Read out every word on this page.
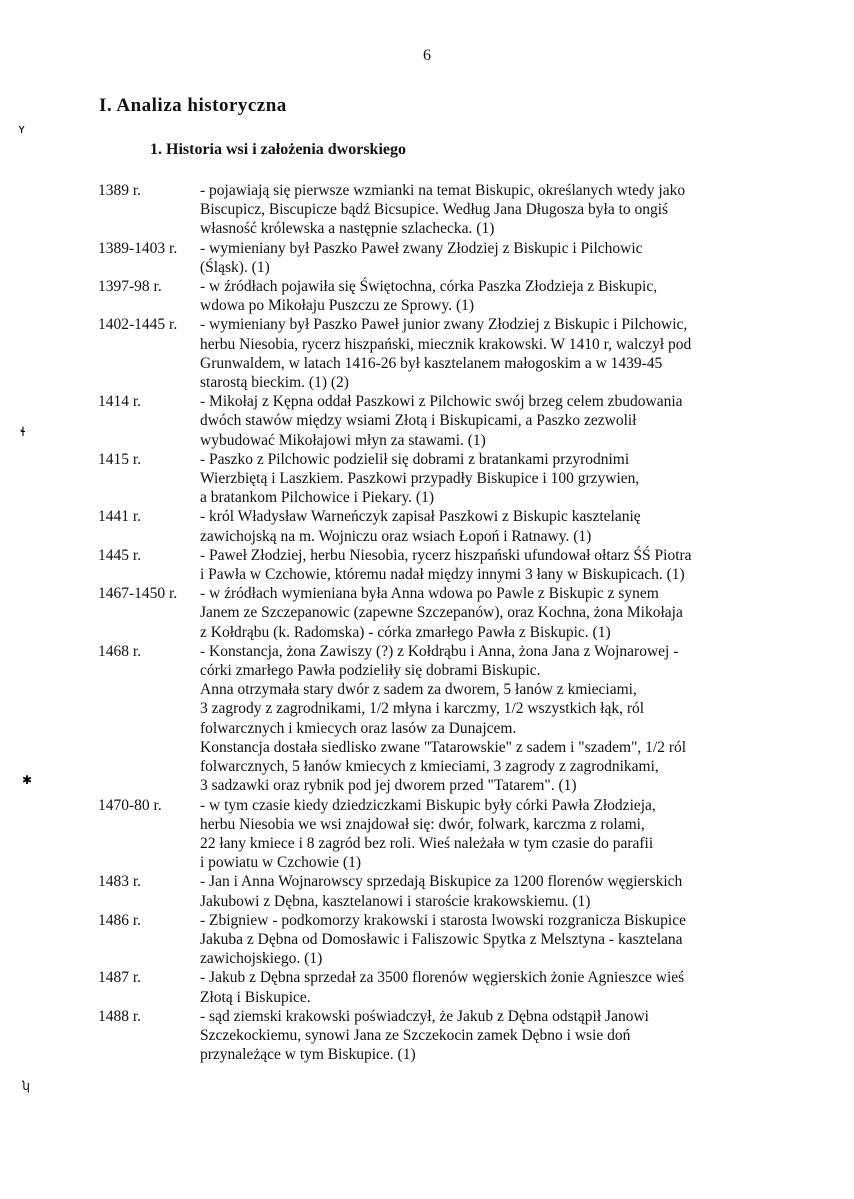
6
I. Analiza historyczna
1. Historia wsi i założenia dworskiego
ʏ
ɬ
✱
ʮ
1389 r.	- pojawiają się pierwsze wzmianki na temat Biskupic, określanych wtedy jako
Biscupicz, Biscupicze bądź Bicsupice. Według Jana Długosza była to ongiś
własność królewska a następnie szlachecka. (1)
1389-1403 r.	- wymieniany był Paszko Paweł zwany Złodziej z Biskupic i Pilchowic
(Śląsk). (1)
1397-98 r.	- w źródłach pojawiła się Świętochna, córka Paszka Złodzieja z Biskupic,
wdowa po Mikołaju Puszczu ze Sprowy. (1)
1402-1445 r.	- wymieniany był Paszko Paweł junior zwany Złodziej z Biskupic i Pilchowic,
herbu Niesobia, rycerz hiszpański, miecznik krakowski. W 1410 r, walczył pod
Grunwaldem, w latach 1416-26 był kasztelanem małogoskim a w 1439-45
starostą bieckim. (1) (2)
1414 r.	- Mikołaj z Kępna oddał Paszkowi z Pilchowic swój brzeg celem zbudowania
dwóch stawów między wsiami Złotą i Biskupicami, a Paszko zezwolił
wybudować Mikołajowi młyn za stawami. (1)
1415 r.	- Paszko z Pilchowic podzielił się dobrami z bratankami przyrodnimi
Wierzbiętą i Laszkiem. Paszkowi przypadły Biskupice i 100 grzywien,
a bratankom Pilchowice i Piekary. (1)
1441 r.	- król Władysław Warneńczyk zapisał Paszkowi z Biskupic kasztelanię
zawichojską na m. Wojniczu oraz wsiach Łopoń i Ratnawy. (1)
1445 r.	- Paweł Złodziej, herbu Niesobia, rycerz hiszpański ufundował ołtarz ŚŚ Piotra
i Pawła w Czchowie, któremu nadał między innymi 3 łany w Biskupicach. (1)
1467-1450 r.	- w źródłach wymieniana była Anna wdowa po Pawle z Biskupic z synem
Janem ze Szczepanowic (zapewne Szczepanów), oraz Kochna, żona Mikołaja
z Kołdrąbu (k. Radomska) - córka zmarłego Pawła z Biskupic. (1)
1468 r.	- Konstancja, żona Zawiszy (?) z Kołdrąbu i Anna, żona Jana z Wojnarowej -
córki zmarłego Pawła podzieliły się dobrami Biskupic.
Anna otrzymała stary dwór z sadem za dworem, 5 łanów z kmieciami,
3 zagrody z zagrodnikami, 1/2 młyna i karczmy, 1/2 wszystkich łąk, ról
folwarcznych i kmiecych oraz lasów za Dunajcem.
Konstancja dostała siedlisko zwane "Tatarowskie" z sadem i "szadem", 1/2 ról
folwarcznych, 5 łanów kmiecych z kmieciami, 3 zagrody z zagrodnikami,
3 sadzawki oraz rybnik pod jej dworem przed "Tatarem". (1)
1470-80 r.	- w tym czasie kiedy dziedziczkami Biskupic były córki Pawła Złodzieja,
herbu Niesobia we wsi znajdował się: dwór, folwark, karczma z rolami,
22 łany kmiece i 8 zagród bez roli. Wieś należała w tym czasie do parafii
i powiatu w Czchowie (1)
1483 r.	- Jan i Anna Wojnarowscy sprzedają Biskupice za 1200 florenów węgierskich
Jakubowi z Dębna, kasztelanowi i staroście krakowskiemu. (1)
1486 r.	- Zbigniew - podkomorzy krakowski i starosta lwowski rozgranicza Biskupice
Jakuba z Dębna od Domosławic i Faliszowic Spytka z Melsztyna - kasztelana
zawichojskiego. (1)
1487 r.	- Jakub z Dębna sprzedał za 3500 florenów węgierskich żonie Agnieszce wieś
Złotą i Biskupice.
1488 r.	- sąd ziemski krakowski poświadczył, że Jakub z Dębna odstąpił Janowi
Szczekockiemu, synowi Jana ze Szczekocin zamek Dębno i wsie doń
przynależące w tym Biskupice. (1)
